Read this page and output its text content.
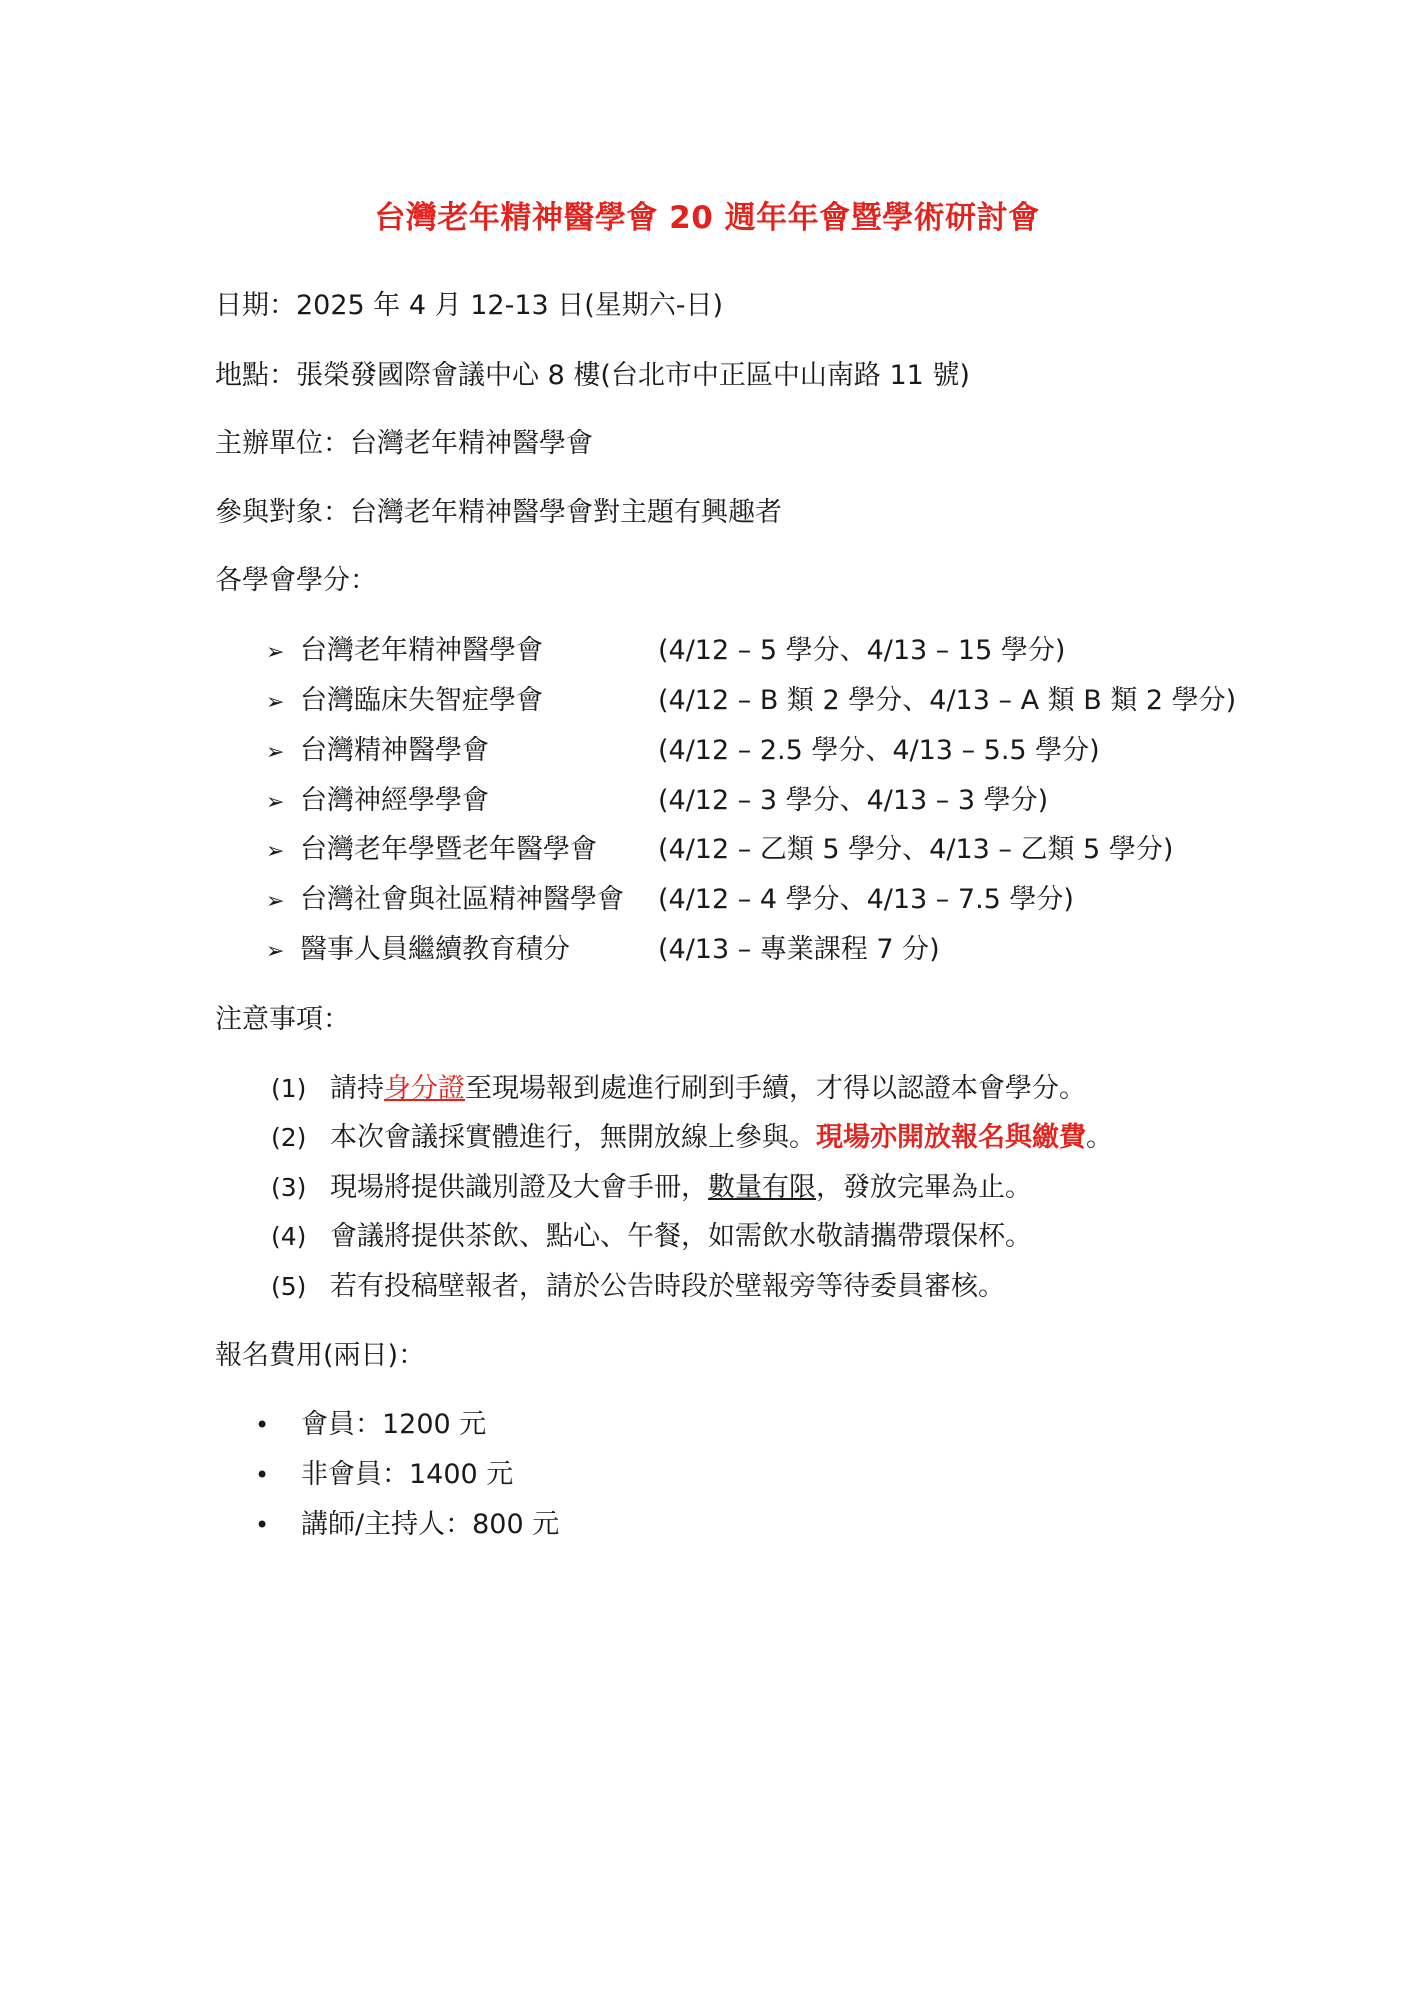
台灣老年精神醫學會 20 週年年會暨學術研討會
日期：2025 年 4 月 12-13 日(星期六-日)
地點：張榮發國際會議中心 8 樓(台北市中正區中山南路 11 號)
主辦單位：台灣老年精神醫學會
參與對象：台灣老年精神醫學會對主題有興趣者
各學會學分：
➢ 台灣老年精神醫學會	(4/12 – 5 學分、4/13 – 15 學分)
➢ 台灣臨床失智症學會	(4/12 – B 類 2 學分、4/13 – A 類 B 類 2 學分)
➢ 台灣精神醫學會	(4/12 – 2.5 學分、4/13 – 5.5 學分)
➢ 台灣神經學學會	(4/12 – 3 學分、4/13 – 3 學分)
➢ 台灣老年學暨老年醫學會 (4/12 – 乙類 5 學分、4/13 – 乙類 5 學分)
➢ 台灣社會與社區精神醫學會 (4/12 – 4 學分、4/13 – 7.5 學分)
➢ 醫事人員繼續教育積分	(4/13 – 專業課程 7 分)
注意事項：
(1) 請持身分證至現場報到處進行刷到手續，才得以認證本會學分。
(2) 本次會議採實體進行，無開放線上參與。現場亦開放報名與繳費。
(3) 現場將提供識別證及大會手冊，數量有限，發放完畢為止。
(4) 會議將提供茶飲、點心、午餐，如需飲水敬請攜帶環保杯。
(5) 若有投稿壁報者，請於公告時段於壁報旁等待委員審核。
報名費用(兩日)：
• 會員：1200 元
• 非會員：1400 元
• 講師/主持人：800 元
